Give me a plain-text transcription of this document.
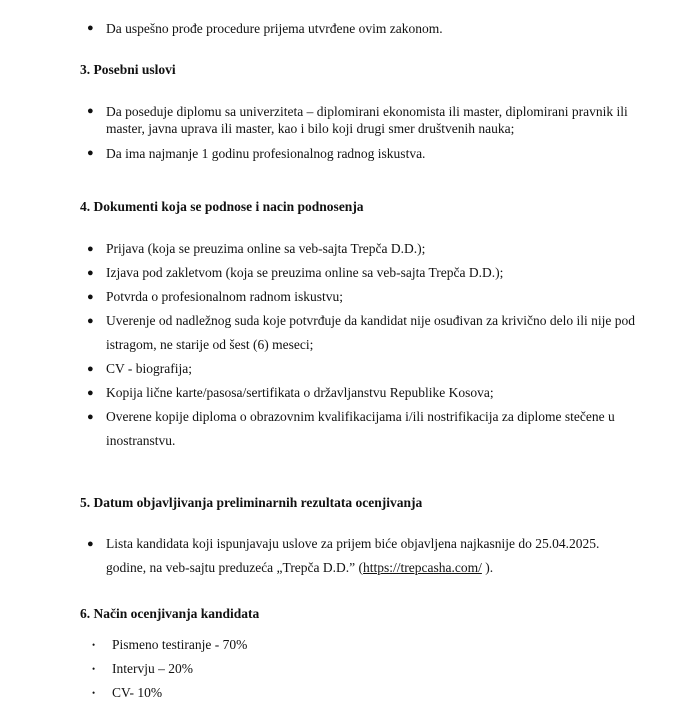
● Da uspešno prođe procedure prijema utvrđene ovim zakonom.
3. Posebni uslovi
● Da poseduje diplomu sa univerziteta – diplomirani ekonomista ili master, diplomirani pravnik ili master, javna uprava ili master, kao i bilo koji drugi smer društvenih nauka;
● Da ima najmanje 1 godinu profesionalnog radnog iskustva.
4. Dokumenti koja se podnose i nacin podnosenja
● Prijava (koja se preuzima online sa veb-sajta Trepča D.D.);
● Izjava pod zakletvom (koja se preuzima online sa veb-sajta Trepča D.D.);
● Potvrda o profesionalnom radnom iskustvu;
● Uverenje od nadležnog suda koje potvrđuje da kandidat nije osuđivan za krivično delo ili nije pod istragom, ne starije od šest (6) meseci;
● CV - biografija;
● Kopija lične karte/pasosa/sertifikata o državljanstvu Republike Kosova;
● Overene kopije diploma o obrazovnim kvalifikacijama i/ili nostrifikacija za diplome stečene u inostranstvu.
5. Datum objavljivanja preliminarnih rezultata ocenjivanja
● Lista kandidata koji ispunjavaju uslove za prijem biće objavljena najkasnije do 25.04.2025. godine, na veb-sajtu preduzeća „Trepča D.D.” (https://trepcasha.com/ ).
6. Način ocenjivanja kandidata
• Pismeno testiranje - 70%
• Intervju – 20%
• CV- 10%
